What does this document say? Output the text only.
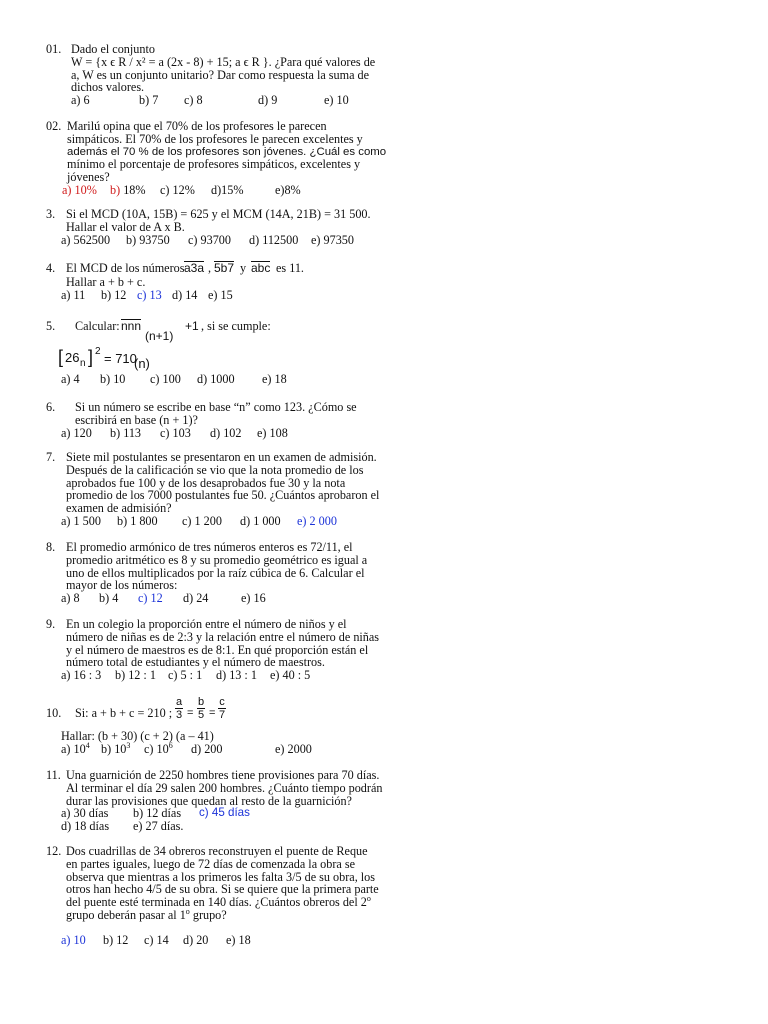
01. Dado el conjunto
W = {x ϵ R / x² = a (2x - 8) + 15; a ϵ R }. ¿Para qué valores de
a, W es un conjunto unitario? Dar como respuesta la suma de
dichos valores.
a) 6	b) 7 c) 8	d) 9	e) 10
02. Marilú opina que el 70% de los profesores le parecen
simpáticos. El 70% de los profesores le parecen excelentes y
además el 70 % de los profesores son jóvenes. ¿Cuál es como
mínimo el porcentaje de profesores simpáticos, excelentes y
jóvenes?
a) 10% b) 18% c) 12% d)15%	e)8%
3. Si el MCD (10A, 15B) = 625 y el MCM (14A, 21B) = 31 500.
Hallar el valor de A x B.
a) 562500 b) 93750 c) 93700 d) 112500 e) 97350
4. El MCD de los números a3a , 5b7 y abc es 11.
Hallar a + b + c.
a) 11 b) 12 c) 13 d) 14 e) 15
5. Calcular: nnn
(n+1)
+1 , si se cumple:
[ 26 n ] 2 = 710
(n)
a) 4 b) 10 c) 100 d) 1000 e) 18
6. Si un número se escribe en base “n” como 123. ¿Cómo se
escribirá en base (n + 1)?
a) 120 b) 113 c) 103 d) 102 e) 108
7. Siete mil postulantes se presentaron en un examen de admisión.
Después de la calificación se vio que la nota promedio de los
aprobados fue 100 y de los desaprobados fue 30 y la nota
promedio de los 7000 postulantes fue 50. ¿Cuántos aprobaron el
examen de admisión?
a) 1 500 b) 1 800 c) 1 200 d) 1 000 e) 2 000
8. El promedio armónico de tres números enteros es 72/11, el
promedio aritmético es 8 y su promedio geométrico es igual a
uno de ellos multiplicados por la raíz cúbica de 6. Calcular el
mayor de los números:
a) 8 b) 4 c) 12 d) 24	e) 16
9. En un colegio la proporción entre el número de niños y el
número de niñas es de 2:3 y la relación entre el número de niñas
y el número de maestros es de 8:1. En qué proporción están el
número total de estudiantes y el número de maestros.
a) 16 : 3 b) 12 : 1 c) 5 : 1 d) 13 : 1 e) 40 : 5
10. Si: a + b + c = 210 ;
a
3 =
b
5 =
c
7
Hallar: (b + 30) (c + 2) (a – 41)
a) $10^4$ b) $10^3$ c) $10^6$ d) 200	e) 2000
11. Una guarnición de 2250 hombres tiene provisiones para 70 días.
Al terminar el día 29 salen 200 hombres. ¿Cuánto tiempo podrán
durar las provisiones que quedan al resto de la guarnición?
a) 30 días b) 12 días c) 45 días
d) 18 días e) 27 días.
12. Dos cuadrillas de 34 obreros reconstruyen el puente de Reque
en partes iguales, luego de 72 días de comenzada la obra se
observa que mientras a los primeros les falta 3/5 de su obra, los
otros han hecho 4/5 de su obra. Si se quiere que la primera parte
del puente esté terminada en 140 días. ¿Cuántos obreros del 2$^o$
grupo deberán pasar al 1$^o$ grupo?
a) 10 b) 12 c) 14 d) 20 e) 18
